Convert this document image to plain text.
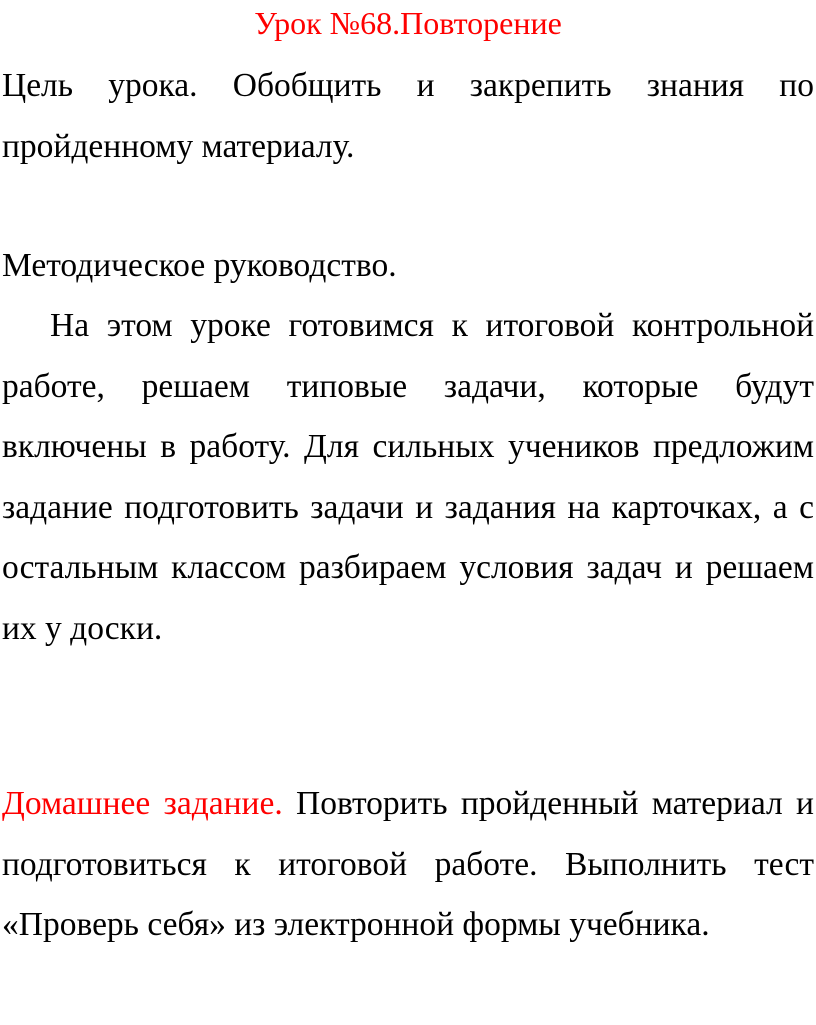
Урок №68.Повторение

Цель урока. Обобщить и закрепить знания по пройденному материалу.

Методическое руководство.

На этом уроке готовимся к итоговой контрольной работе, решаем типовые задачи, которые будут включены в работу. Для сильных учеников предложим задание подготовить задачи и задания на карточках, а с остальным классом разбираем условия задач и решаем их у доски.

Домашнее задание. Повторить пройденный материал и подготовиться к итоговой работе. Выполнить тест «Проверь себя» из электронной формы учебника.
